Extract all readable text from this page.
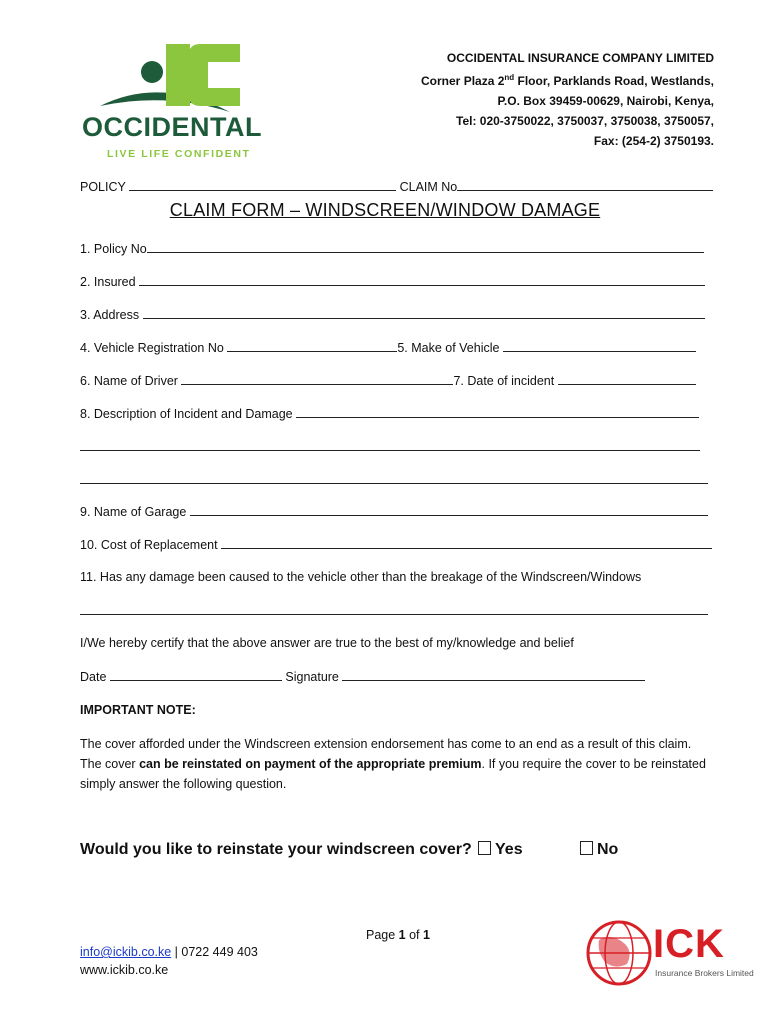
OCCIDENTAL
LIVE LIFE CONFIDENT
OCCIDENTAL INSURANCE COMPANY LIMITED
Corner Plaza 2nd Floor, Parklands Road, Westlands,
P.O. Box 39459-00629, Nairobi, Kenya,
Tel: 020-3750022, 3750037, 3750038, 3750057,
Fax: (254-2) 3750193.
POLICY	CLAIM No
CLAIM FORM – WINDSCREEN/WINDOW DAMAGE
1. Policy No
2. Insured
3. Address
4. Vehicle Registration No	5. Make of Vehicle
6. Name of Driver	7. Date of incident
8. Description of Incident and Damage
9. Name of Garage
10. Cost of Replacement
11. Has any damage been caused to the vehicle other than the breakage of the Windscreen/Windows
I/We hereby certify that the above answer are true to the best of my/knowledge and belief
Date	Signature
IMPORTANT NOTE:
The cover afforded under the Windscreen extension endorsement has come to an end as a result of this claim.
The cover can be reinstated on payment of the appropriate premium. If you require the cover to be reinstated
simply answer the following question.
Would you like to reinstate your windscreen cover?	Yes	No
Page 1 of 1
info@ickib.co.ke | 0722 449 403
www.ickib.co.ke
ICK
Insurance Brokers Limited
